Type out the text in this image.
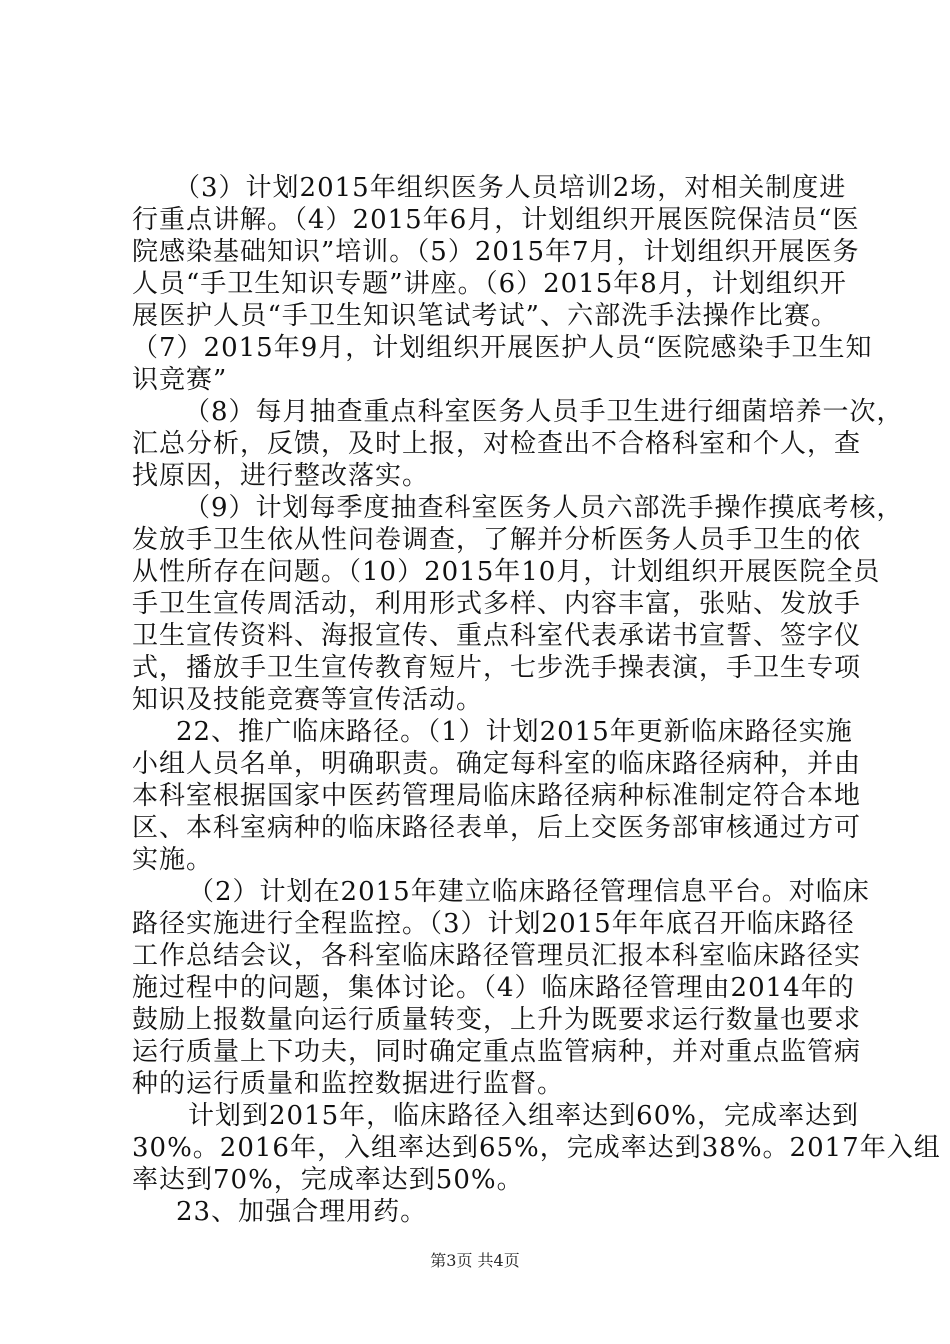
（3）计划2015年组织医务人员培训2场，对相关制度进
行重点讲解。（4）2015年6月，计划组织开展医院保洁员“医
院感染基础知识”培训。（5）2015年7月，计划组织开展医务
人员“手卫生知识专题”讲座。（6）2015年8月，计划组织开
展医护人员“手卫生知识笔试考试”、六部洗手法操作比赛。
（7）2015年9月，计划组织开展医护人员“医院感染手卫生知
识竞赛”
（8）每月抽查重点科室医务人员手卫生进行细菌培养一次，
汇总分析，反馈，及时上报，对检查出不合格科室和个人，查
找原因，进行整改落实。
（9）计划每季度抽查科室医务人员六部洗手操作摸底考核，
发放手卫生依从性问卷调查，了解并分析医务人员手卫生的依
从性所存在问题。（10）2015年10月，计划组织开展医院全员
手卫生宣传周活动，利用形式多样、内容丰富，张贴、发放手
卫生宣传资料、海报宣传、重点科室代表承诺书宣誓、签字仪
式，播放手卫生宣传教育短片，七步洗手操表演，手卫生专项
知识及技能竞赛等宣传活动。
22、推广临床路径。（1）计划2015年更新临床路径实施
小组人员名单，明确职责。确定每科室的临床路径病种，并由
本科室根据国家中医药管理局临床路径病种标准制定符合本地
区、本科室病种的临床路径表单，后上交医务部审核通过方可
实施。
（2）计划在2015年建立临床路径管理信息平台。对临床
路径实施进行全程监控。（3）计划2015年年底召开临床路径
工作总结会议，各科室临床路径管理员汇报本科室临床路径实
施过程中的问题，集体讨论。（4）临床路径管理由2014年的
鼓励上报数量向运行质量转变，上升为既要求运行数量也要求
运行质量上下功夫，同时确定重点监管病种，并对重点监管病
种的运行质量和监控数据进行监督。
计划到2015年，临床路径入组率达到60%，完成率达到
30%。2016年，入组率达到65%，完成率达到38%。2017年入组
率达到70%，完成率达到50%。
23、加强合理用药。
第3页 共4页
